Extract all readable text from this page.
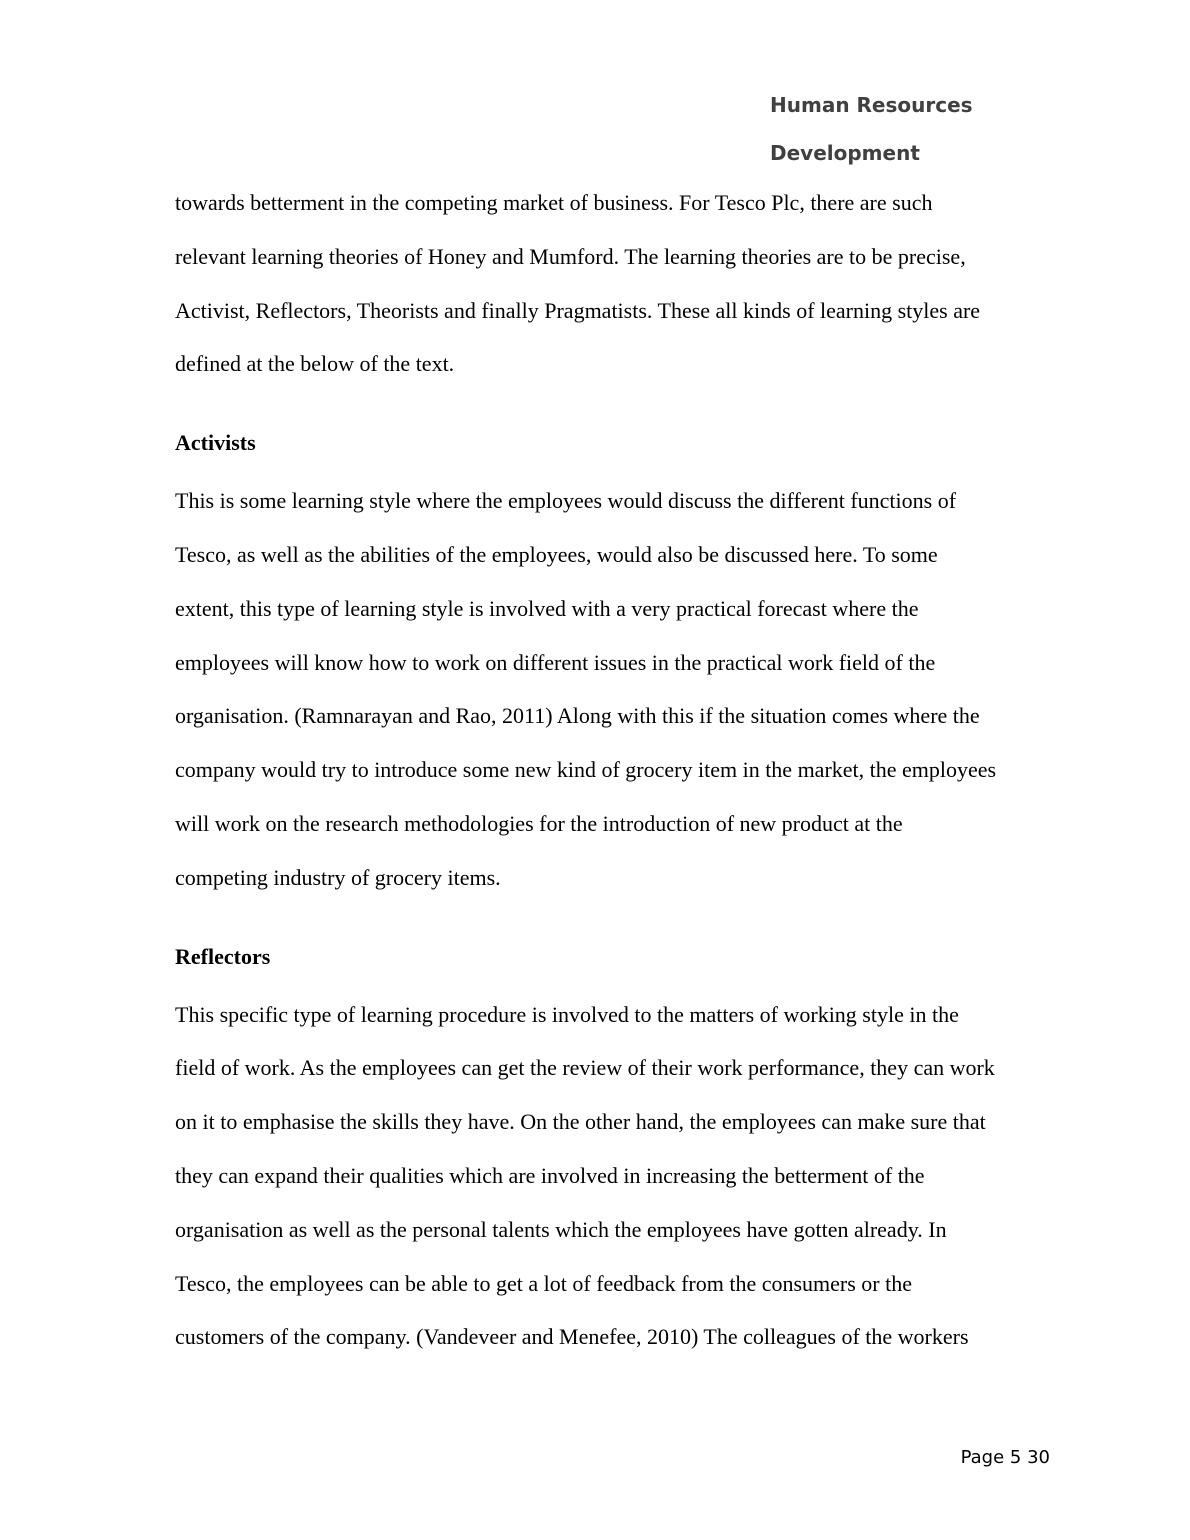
Human Resources
Development
towards betterment in the competing market of business. For Tesco Plc, there are such
relevant learning theories of Honey and Mumford. The learning theories are to be precise,
Activist, Reflectors, Theorists and finally Pragmatists. These all kinds of learning styles are
defined at the below of the text.
Activists
This is some learning style where the employees would discuss the different functions of
Tesco, as well as the abilities of the employees, would also be discussed here. To some
extent, this type of learning style is involved with a very practical forecast where the
employees will know how to work on different issues in the practical work field of the
organisation. (Ramnarayan and Rao, 2011) Along with this if the situation comes where the
company would try to introduce some new kind of grocery item in the market, the employees
will work on the research methodologies for the introduction of new product at the
competing industry of grocery items.
Reflectors
This specific type of learning procedure is involved to the matters of working style in the
field of work. As the employees can get the review of their work performance, they can work
on it to emphasise the skills they have. On the other hand, the employees can make sure that
they can expand their qualities which are involved in increasing the betterment of the
organisation as well as the personal talents which the employees have gotten already. In
Tesco, the employees can be able to get a lot of feedback from the consumers or the
customers of the company. (Vandeveer and Menefee, 2010) The colleagues of the workers
Page 5 30
